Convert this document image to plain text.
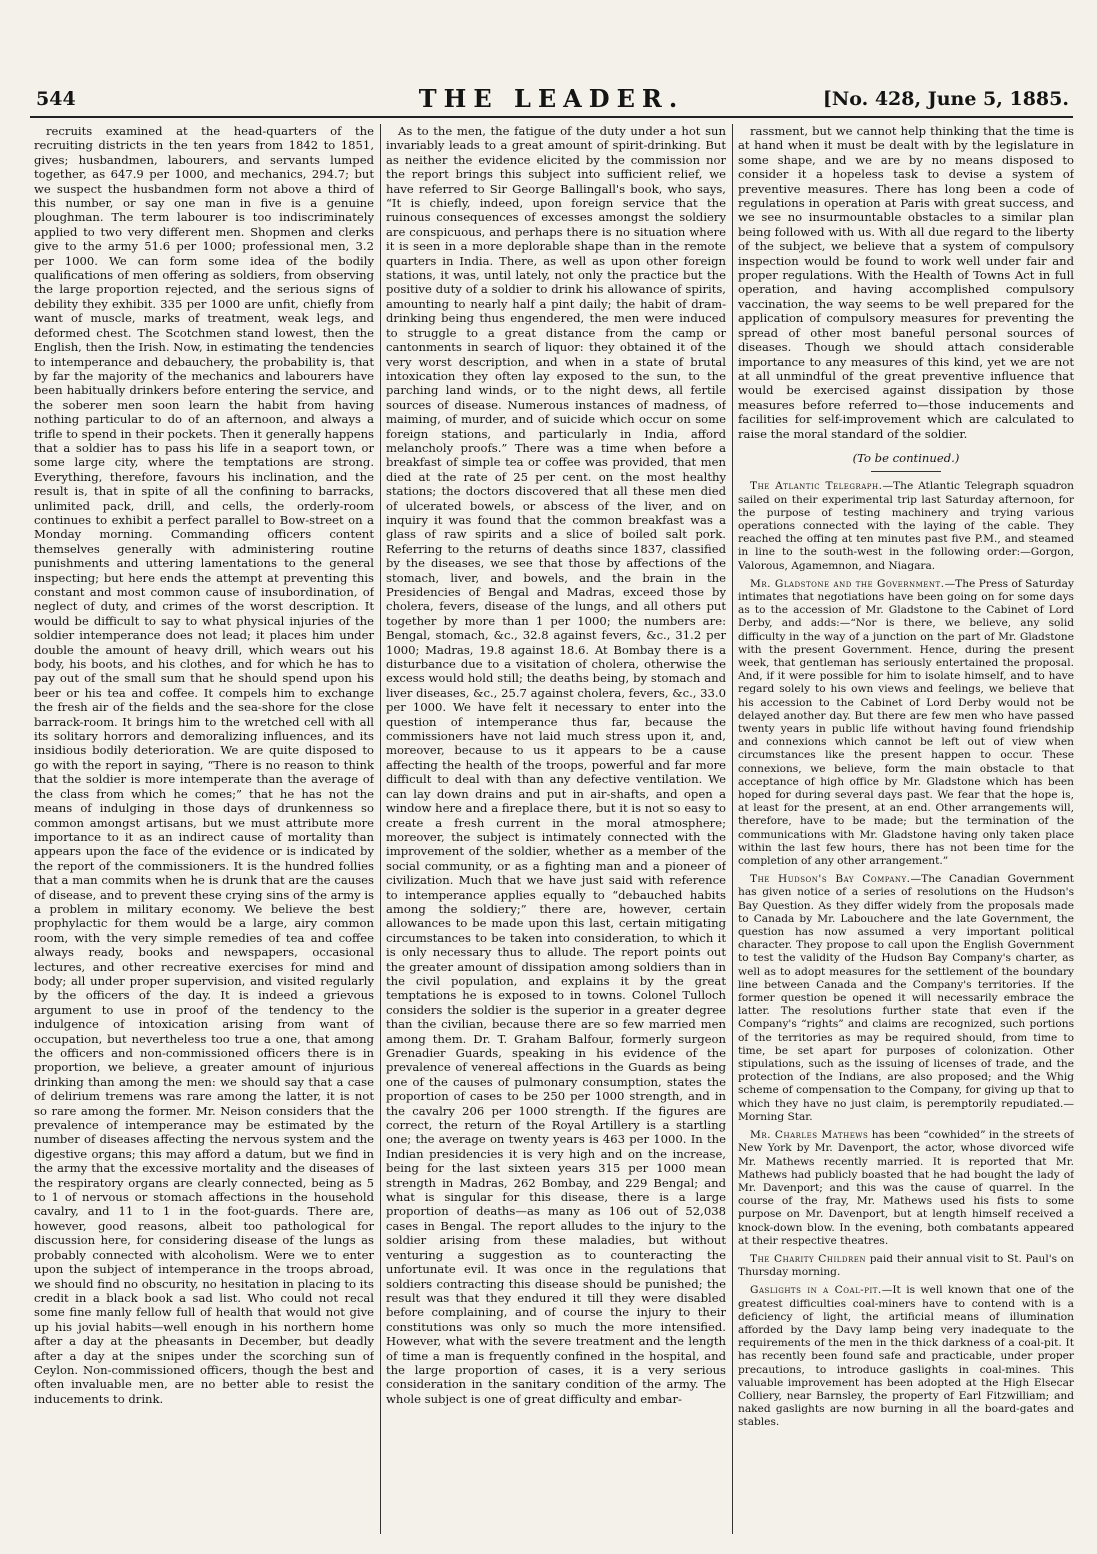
544	THE LEADER.	[No. 428, June 5, 1885.

recruits examined at the head-quarters of the recruiting districts in the ten years from 1842 to 1851, gives; husbandmen, labourers, and servants lumped together, as 647.9 per 1000, and mechanics, 294.7; but we suspect the husbandmen form not above a third of this number, or say one man in five is a genuine ploughman. The term labourer is too indiscriminately applied to two very different men. Shopmen and clerks give to the army 51.6 per 1000; professional men, 3.2 per 1000. We can form some idea of the bodily qualifications of men offering as soldiers, from observing the large proportion rejected, and the serious signs of debility they exhibit. 335 per 1000 are unfit, chiefly from want of muscle, marks of treatment, weak legs, and deformed chest. The Scotchmen stand lowest, then the English, then the Irish. Now, in estimating the tendencies to intemperance and debauchery, the probability is, that by far the majority of the mechanics and labourers have been habitually drinkers before entering the service, and the soberer men soon learn the habit from having nothing particular to do of an afternoon, and always a trifle to spend in their pockets. Then it generally happens that a soldier has to pass his life in a seaport town, or some large city, where the temptations are strong. Everything, therefore, favours his inclination, and the result is, that in spite of all the confining to barracks, unlimited pack, drill, and cells, the orderly-room continues to exhibit a perfect parallel to Bow-street on a Monday morning. Commanding officers content themselves generally with administering routine punishments and uttering lamentations to the general inspecting; but here ends the attempt at preventing this constant and most common cause of insubordination, of neglect of duty, and crimes of the worst description. It would be difficult to say to what physical injuries of the soldier intemperance does not lead; it places him under double the amount of heavy drill, which wears out his body, his boots, and his clothes, and for which he has to pay out of the small sum that he should spend upon his beer or his tea and coffee. It compels him to exchange the fresh air of the fields and the sea-shore for the close barrack-room. It brings him to the wretched cell with all its solitary horrors and demoralizing influences, and its insidious bodily deterioration. We are quite disposed to go with the report in saying, “There is no reason to think that the soldier is more intemperate than the average of the class from which he comes;” that he has not the means of indulging in those days of drunkenness so common amongst artisans, but we must attribute more importance to it as an indirect cause of mortality than appears upon the face of the evidence or is indicated by the report of the commissioners. It is the hundred follies that a man commits when he is drunk that are the causes of disease, and to prevent these crying sins of the army is a problem in military economy. We believe the best prophylactic for them would be a large, airy common room, with the very simple remedies of tea and coffee always ready, books and newspapers, occasional lectures, and other recreative exercises for mind and body; all under proper supervision, and visited regularly by the officers of the day. It is indeed a grievous argument to use in proof of the tendency to the indulgence of intoxication arising from want of occupation, but nevertheless too true a one, that among the officers and non-commissioned officers there is in proportion, we believe, a greater amount of injurious drinking than among the men: we should say that a case of delirium tremens was rare among the latter, it is not so rare among the former. Mr. Neison considers that the prevalence of intemperance may be estimated by the number of diseases affecting the nervous system and the digestive organs; this may afford a datum, but we find in the army that the excessive mortality and the diseases of the respiratory organs are clearly connected, being as 5 to 1 of nervous or stomach affections in the household cavalry, and 11 to 1 in the foot-guards. There are, however, good reasons, albeit too pathological for discussion here, for considering disease of the lungs as probably connected with alcoholism. Were we to enter upon the subject of intemperance in the troops abroad, we should find no obscurity, no hesitation in placing to its credit in a black book a sad list. Who could not recal some fine manly fellow full of health that would not give up his jovial habits—well enough in his northern home after a day at the pheasants in December, but deadly after a day at the snipes under the scorching sun of Ceylon. Non-commissioned officers, though the best and often invaluable men, are no better able to resist the inducements to drink.

As to the men, the fatigue of the duty under a hot sun invariably leads to a great amount of spirit-drinking. But as neither the evidence elicited by the commission nor the report brings this subject into sufficient relief, we have referred to Sir George Ballingall's book, who says, “It is chiefly, indeed, upon foreign service that the ruinous consequences of excesses amongst the soldiery are conspicuous, and perhaps there is no situation where it is seen in a more deplorable shape than in the remote quarters in India. There, as well as upon other foreign stations, it was, until lately, not only the practice but the positive duty of a soldier to drink his allowance of spirits, amounting to nearly half a pint daily; the habit of dram-drinking being thus engendered, the men were induced to struggle to a great distance from the camp or cantonments in search of liquor: they obtained it of the very worst description, and when in a state of brutal intoxication they often lay exposed to the sun, to the parching land winds, or to the night dews, all fertile sources of disease. Numerous instances of madness, of maiming, of murder, and of suicide which occur on some foreign stations, and particularly in India, afford melancholy proofs.” There was a time when before a breakfast of simple tea or coffee was provided, that men died at the rate of 25 per cent. on the most healthy stations; the doctors discovered that all these men died of ulcerated bowels, or abscess of the liver, and on inquiry it was found that the common breakfast was a glass of raw spirits and a slice of boiled salt pork. Referring to the returns of deaths since 1837, classified by the diseases, we see that those by affections of the stomach, liver, and bowels, and the brain in the Presidencies of Bengal and Madras, exceed those by cholera, fevers, disease of the lungs, and all others put together by more than 1 per 1000; the numbers are: Bengal, stomach, &c., 32.8 against fevers, &c., 31.2 per 1000; Madras, 19.8 against 18.6. At Bombay there is a disturbance due to a visitation of cholera, otherwise the excess would hold still; the deaths being, by stomach and liver diseases, &c., 25.7 against cholera, fevers, &c., 33.0 per 1000. We have felt it necessary to enter into the question of intemperance thus far, because the commissioners have not laid much stress upon it, and, moreover, because to us it appears to be a cause affecting the health of the troops, powerful and far more difficult to deal with than any defective ventilation. We can lay down drains and put in air-shafts, and open a window here and a fireplace there, but it is not so easy to create a fresh current in the moral atmosphere; moreover, the subject is intimately connected with the improvement of the soldier, whether as a member of the social community, or as a fighting man and a pioneer of civilization. Much that we have just said with reference to intemperance applies equally to “debauched habits among the soldiery;” there are, however, certain allowances to be made upon this last, certain mitigating circumstances to be taken into consideration, to which it is only necessary thus to allude. The report points out the greater amount of dissipation among soldiers than in the civil population, and explains it by the great temptations he is exposed to in towns. Colonel Tulloch considers the soldier is the superior in a greater degree than the civilian, because there are so few married men among them. Dr. T. Graham Balfour, formerly surgeon Grenadier Guards, speaking in his evidence of the prevalence of venereal affections in the Guards as being one of the causes of pulmonary consumption, states the proportion of cases to be 250 per 1000 strength, and in the cavalry 206 per 1000 strength. If the figures are correct, the return of the Royal Artillery is a startling one; the average on twenty years is 463 per 1000. In the Indian presidencies it is very high and on the increase, being for the last sixteen years 315 per 1000 mean strength in Madras, 262 Bombay, and 229 Bengal; and what is singular for this disease, there is a large proportion of deaths—as many as 106 out of 52,038 cases in Bengal. The report alludes to the injury to the soldier arising from these maladies, but without venturing a suggestion as to counteracting the unfortunate evil. It was once in the regulations that soldiers contracting this disease should be punished; the result was that they endured it till they were disabled before complaining, and of course the injury to their constitutions was only so much the more intensified. However, what with the severe treatment and the length of time a man is frequently confined in the hospital, and the large proportion of cases, it is a very serious consideration in the sanitary condition of the army. The whole subject is one of great difficulty and embar-

rassment, but we cannot help thinking that the time is at hand when it must be dealt with by the legislature in some shape, and we are by no means disposed to consider it a hopeless task to devise a system of preventive measures. There has long been a code of regulations in operation at Paris with great success, and we see no insurmountable obstacles to a similar plan being followed with us. With all due regard to the liberty of the subject, we believe that a system of compulsory inspection would be found to work well under fair and proper regulations. With the Health of Towns Act in full operation, and having accomplished compulsory vaccination, the way seems to be well prepared for the application of compulsory measures for preventing the spread of other most baneful personal sources of diseases. Though we should attach considerable importance to any measures of this kind, yet we are not at all unmindful of the great preventive influence that would be exercised against dissipation by those measures before referred to—those inducements and facilities for self-improvement which are calculated to raise the moral standard of the soldier.

(To be continued.)

The Atlantic Telegraph.—The Atlantic Telegraph squadron sailed on their experimental trip last Saturday afternoon, for the purpose of testing machinery and trying various operations connected with the laying of the cable. They reached the offing at ten minutes past five P.M., and steamed in line to the south-west in the following order:—Gorgon, Valorous, Agamemnon, and Niagara.

Mr. Gladstone and the Government.—The Press of Saturday intimates that negotiations have been going on for some days as to the accession of Mr. Gladstone to the Cabinet of Lord Derby, and adds:—“Nor is there, we believe, any solid difficulty in the way of a junction on the part of Mr. Gladstone with the present Government. Hence, during the present week, that gentleman has seriously entertained the proposal. And, if it were possible for him to isolate himself, and to have regard solely to his own views and feelings, we believe that his accession to the Cabinet of Lord Derby would not be delayed another day. But there are few men who have passed twenty years in public life without having found friendship and connexions which cannot be left out of view when circumstances like the present happen to occur. These connexions, we believe, form the main obstacle to that acceptance of high office by Mr. Gladstone which has been hoped for during several days past. We fear that the hope is, at least for the present, at an end. Other arrangements will, therefore, have to be made; but the termination of the communications with Mr. Gladstone having only taken place within the last few hours, there has not been time for the completion of any other arrangement.”

The Hudson's Bay Company.—The Canadian Government has given notice of a series of resolutions on the Hudson's Bay Question. As they differ widely from the proposals made to Canada by Mr. Labouchere and the late Government, the question has now assumed a very important political character. They propose to call upon the English Government to test the validity of the Hudson Bay Company's charter, as well as to adopt measures for the settlement of the boundary line between Canada and the Company's territories. If the former question be opened it will necessarily embrace the latter. The resolutions further state that even if the Company's “rights” and claims are recognized, such portions of the territories as may be required should, from time to time, be set apart for purposes of colonization. Other stipulations, such as the issuing of licenses of trade, and the protection of the Indians, are also proposed; and the Whig scheme of compensation to the Company, for giving up that to which they have no just claim, is peremptorily repudiated.—Morning Star.

Mr. Charles Mathews has been “cowhided” in the streets of New York by Mr. Davenport, the actor, whose divorced wife Mr. Mathews recently married. It is reported that Mr. Mathews had publicly boasted that he had bought the lady of Mr. Davenport; and this was the cause of quarrel. In the course of the fray, Mr. Mathews used his fists to some purpose on Mr. Davenport, but at length himself received a knock-down blow. In the evening, both combatants appeared at their respective theatres.

The Charity Children paid their annual visit to St. Paul's on Thursday morning.

Gaslights in a Coal-pit.—It is well known that one of the greatest difficulties coal-miners have to contend with is a deficiency of light, the artificial means of illumination afforded by the Davy lamp being very inadequate to the requirements of the men in the thick darkness of a coal-pit. It has recently been found safe and practicable, under proper precautions, to introduce gaslights in coal-mines. This valuable improvement has been adopted at the High Elsecar Colliery, near Barnsley, the property of Earl Fitzwilliam; and naked gaslights are now burning in all the board-gates and stables.
